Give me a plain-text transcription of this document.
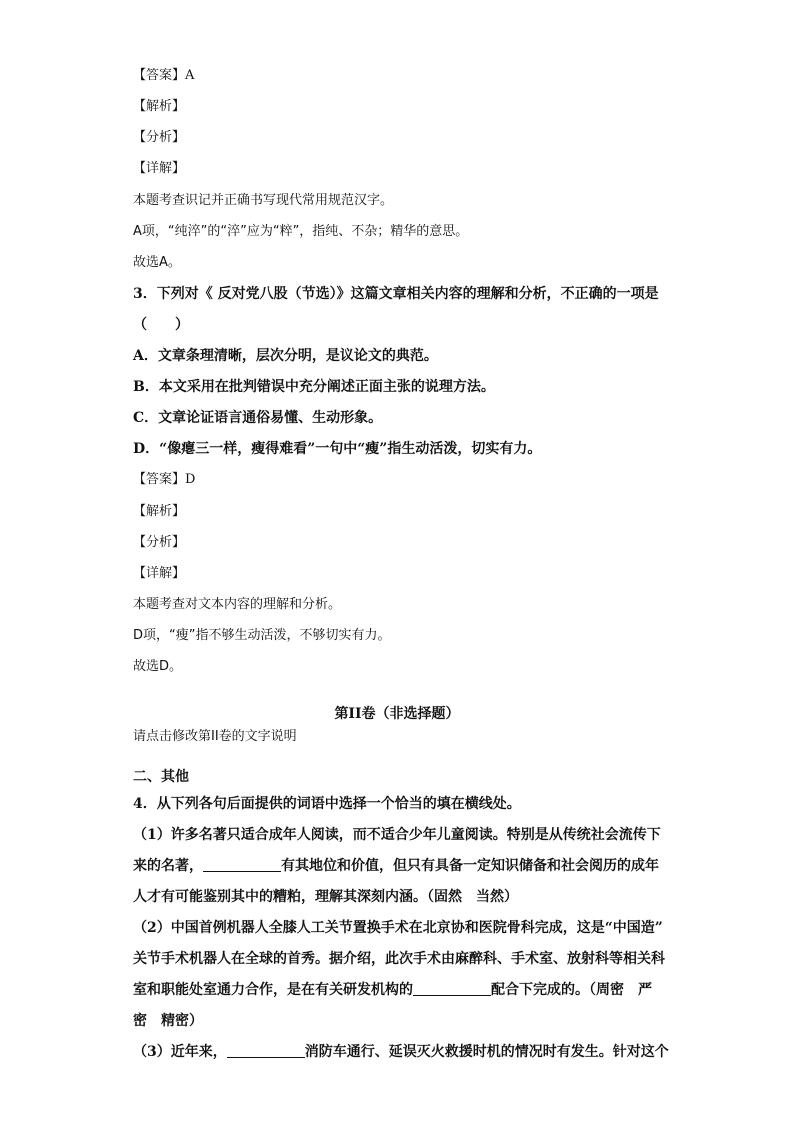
【答案】A
【解析】
【分析】
【详解】
本题考查识记并正确书写现代常用规范汉字。
A项，“纯淬”的“淬”应为“粹”，指纯、不杂；精华的意思。
故选A。
3．下列对《 反对党八股（节选）》这篇文章相关内容的理解和分析，不正确的一项是
（　　）
A．文章条理清晰，层次分明，是议论文的典范。
B．本文采用在批判错误中充分阐述正面主张的说理方法。
C．文章论证语言通俗易懂、生动形象。
D．“像瘪三一样，瘦得难看”一句中“瘦”指生动活泼，切实有力。
【答案】D
【解析】
【分析】
【详解】
本题考查对文本内容的理解和分析。
D项，“瘦”指不够生动活泼，不够切实有力。
故选D。
第II卷（非选择题）
请点击修改第II卷的文字说明
二、其他
4．从下列各句后面提供的词语中选择一个恰当的填在横线处。
（1）许多名著只适合成年人阅读，而不适合少年儿童阅读。特别是从传统社会流传下
来的名著，	有其地位和价值，但只有具备一定知识储备和社会阅历的成年
人才有可能鉴别其中的糟粕，理解其深刻内涵。（固然　当然）
（2）中国首例机器人全膝人工关节置换手术在北京协和医院骨科完成，这是“中国造”
关节手术机器人在全球的首秀。据介绍，此次手术由麻醉科、手术室、放射科等相关科
室和职能处室通力合作，是在有关研发机构的	配合下完成的。（周密　严
密　精密）
（3）近年来，	消防车通行、延误灭火救援时机的情况时有发生。针对这个
